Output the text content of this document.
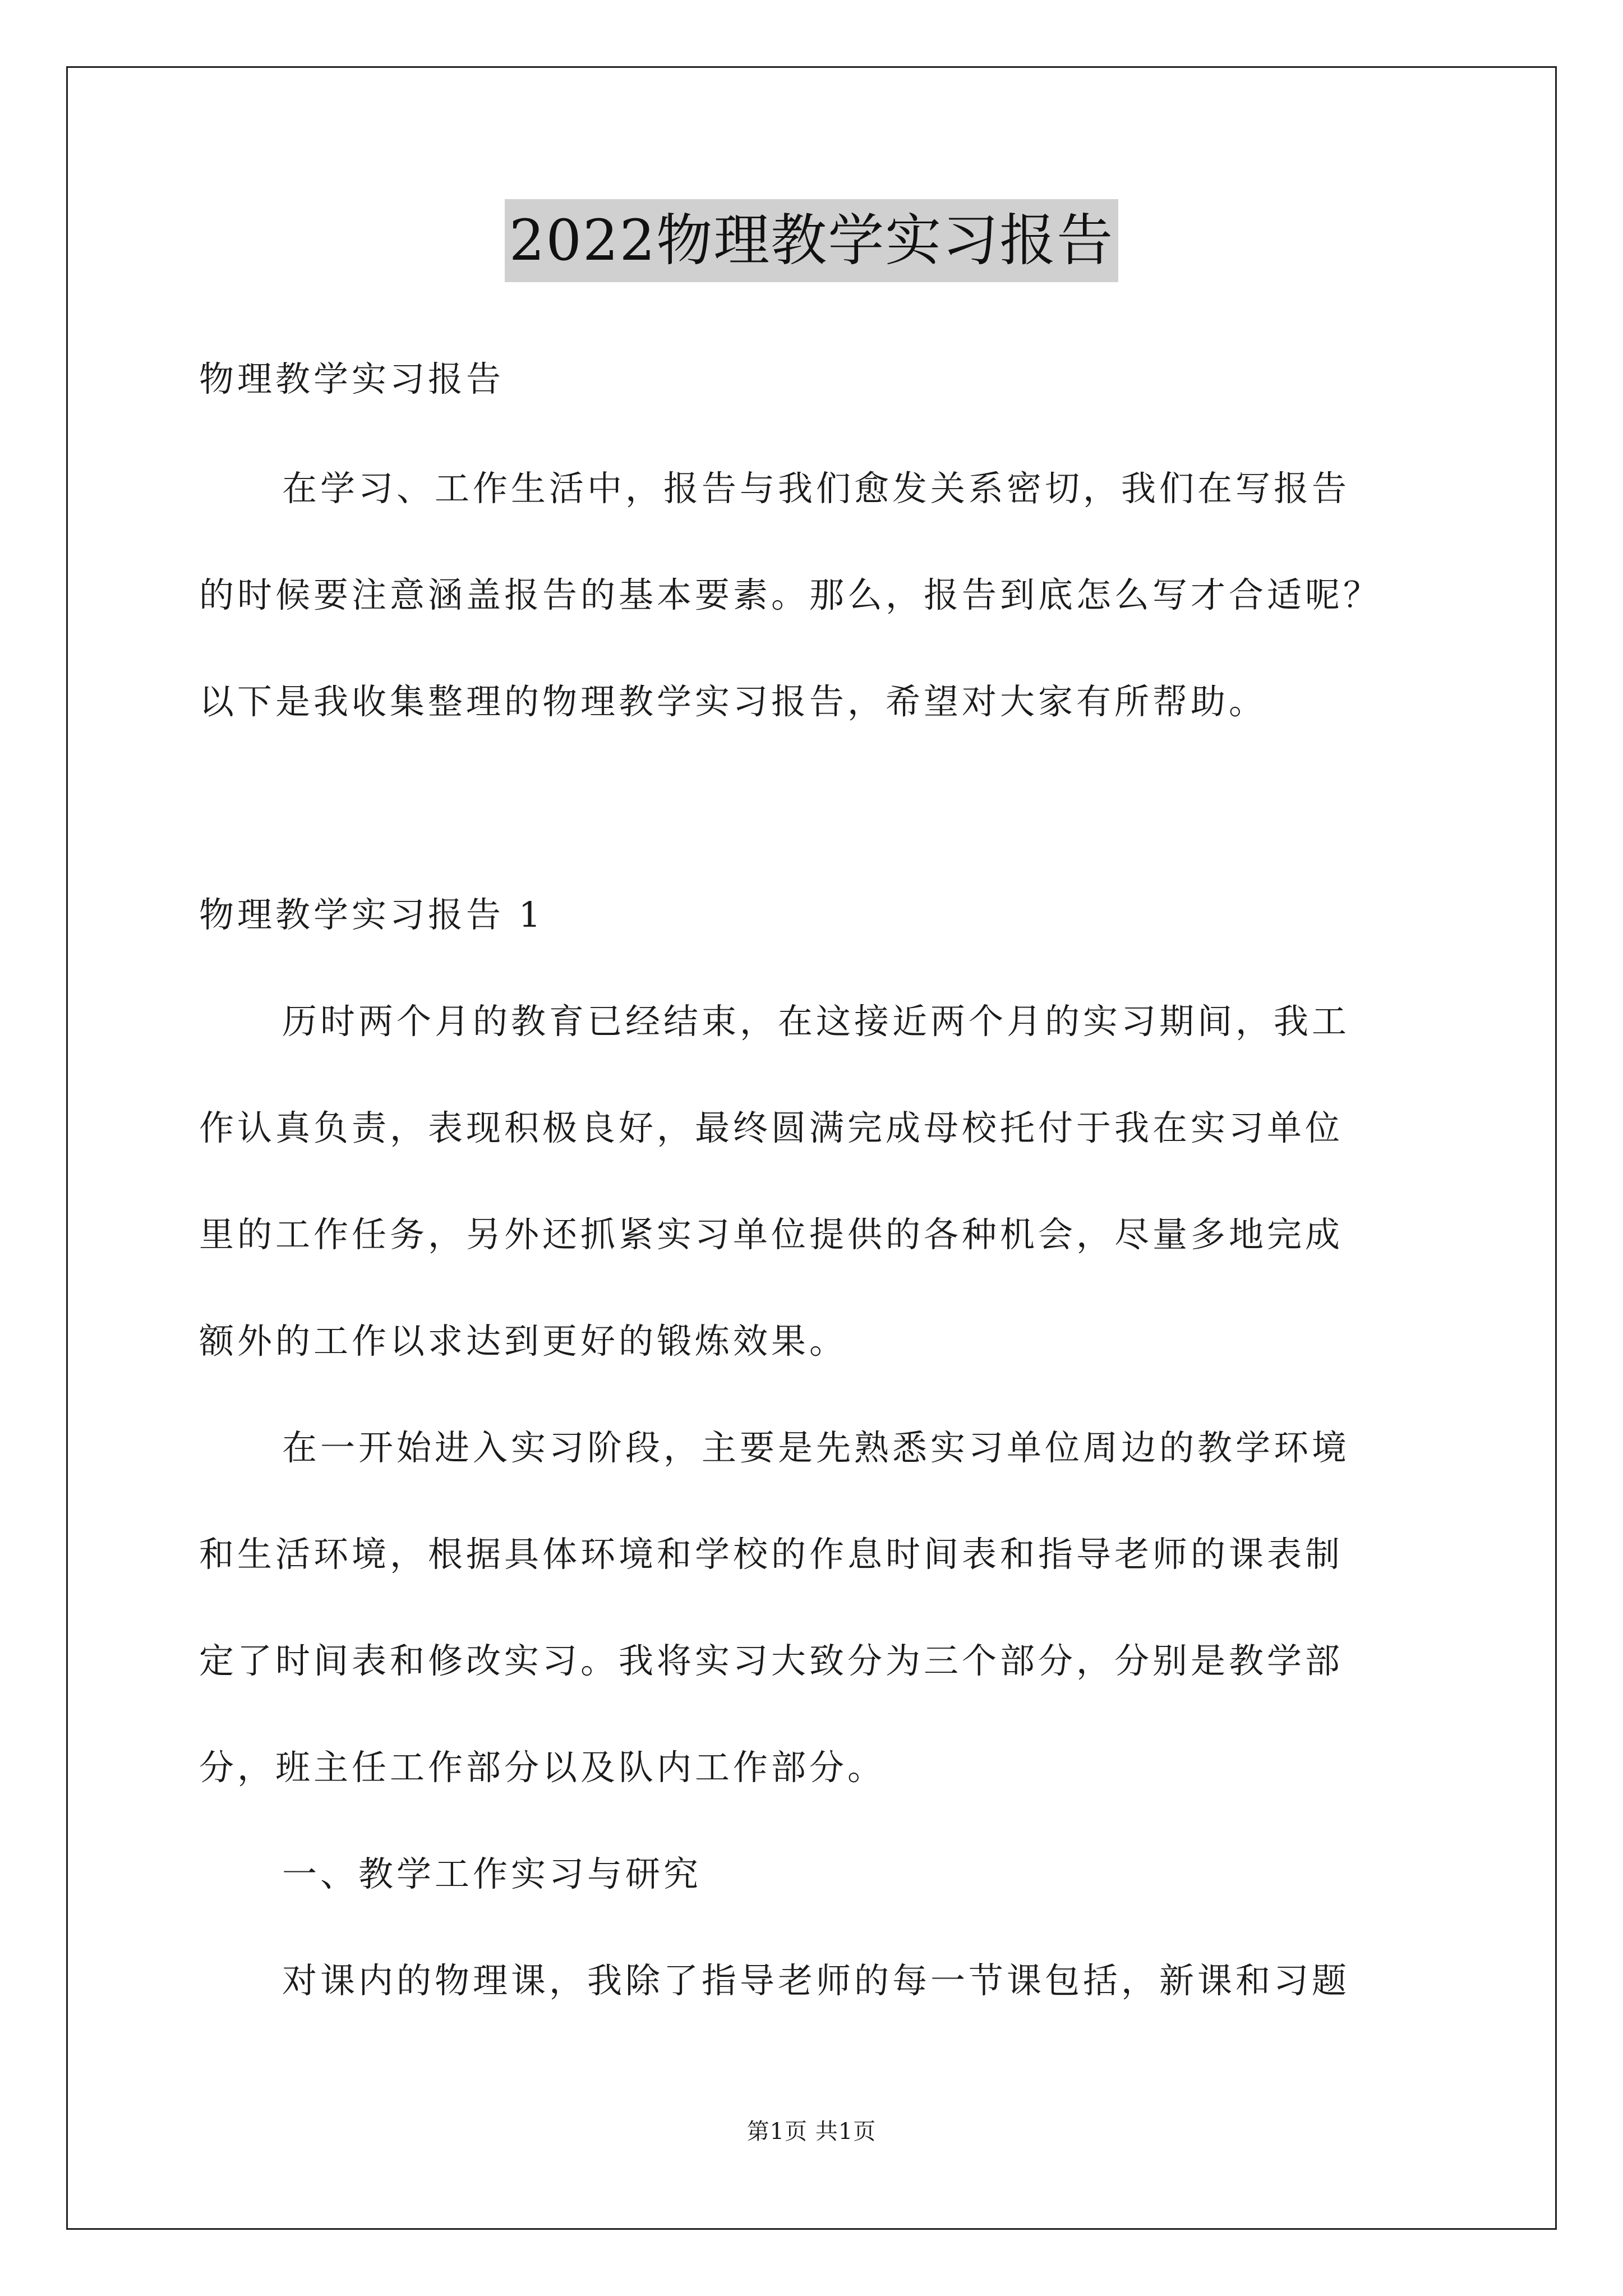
2022物理教学实习报告
物理教学实习报告
在学习、工作生活中，报告与我们愈发关系密切，我们在写报告
的时候要注意涵盖报告的基本要素。那么，报告到底怎么写才合适呢？
以下是我收集整理的物理教学实习报告，希望对大家有所帮助。
物理教学实习报告 1
历时两个月的教育已经结束，在这接近两个月的实习期间，我工
作认真负责，表现积极良好，最终圆满完成母校托付于我在实习单位
里的工作任务，另外还抓紧实习单位提供的各种机会，尽量多地完成
额外的工作以求达到更好的锻炼效果。
在一开始进入实习阶段，主要是先熟悉实习单位周边的教学环境
和生活环境，根据具体环境和学校的作息时间表和指导老师的课表制
定了时间表和修改实习。我将实习大致分为三个部分，分别是教学部
分，班主任工作部分以及队内工作部分。
一、教学工作实习与研究
对课内的物理课，我除了指导老师的每一节课包括，新课和习题
第1页 共1页
